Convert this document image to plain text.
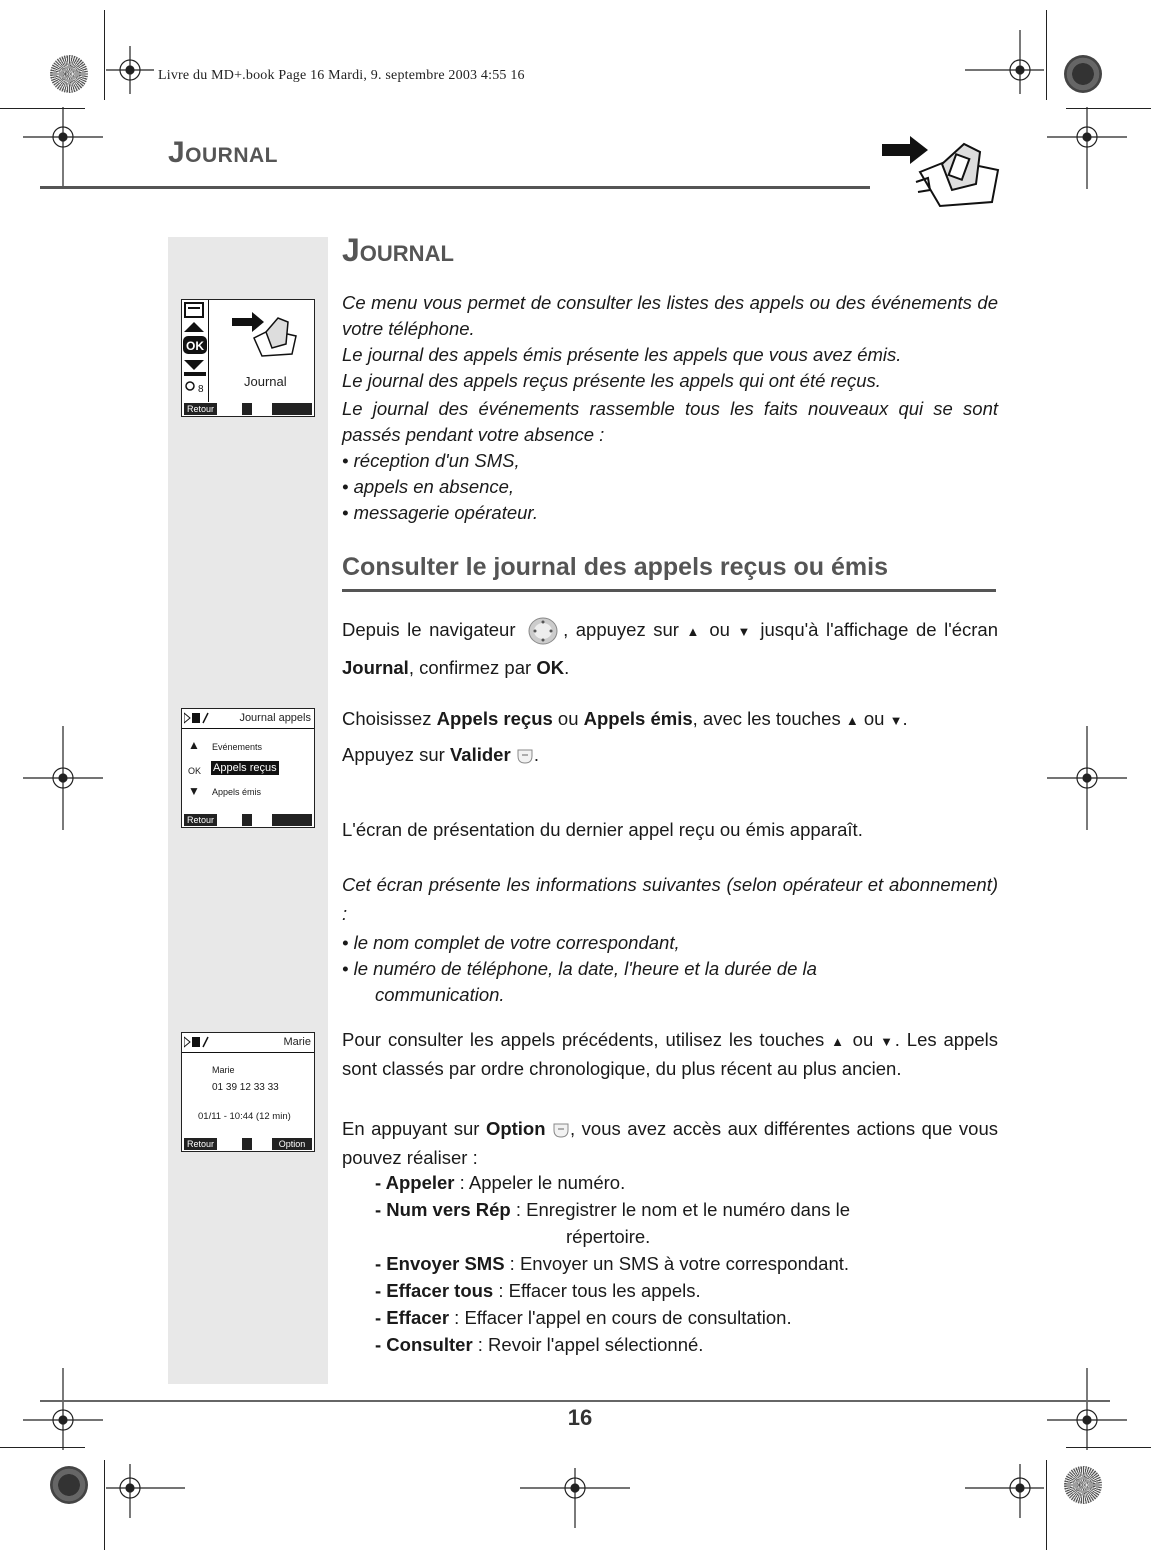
Livre du MD+.book Page 16 Mardi, 9. septembre 2003 4:55 16
Journal
OK
8
Journal
Retour
Journal appels
▲ Evénements
OK Appels reçus
▼ Appels émis
Retour
Marie
Marie
01 39 12 33 33
01/11 - 10:44 (12 min)
Retour	Option
Journal
Ce menu vous permet de consulter les listes des appels ou des événements de votre téléphone.
Le journal des appels émis présente les appels que vous avez émis.
Le journal des appels reçus présente les appels qui ont été reçus.
Le journal des événements rassemble tous les faits nouveaux qui se sont passés pendant votre absence :
• réception d'un SMS,
• appels en absence,
• messagerie opérateur.
Consulter le journal des appels reçus ou émis
Depuis le navigateur	, appuyez sur ▲ ou ▼ jusqu'à l'affichage de l'écran Journal, confirmez par OK.
Choisissez Appels reçus ou Appels émis, avec les touches ▲ ou ▼.
Appuyez sur Valider .
L'écran de présentation du dernier appel reçu ou émis apparaît.
Cet écran présente les informations suivantes (selon opérateur et abonnement) :
• le nom complet de votre correspondant,
• le numéro de téléphone, la date, l'heure et la durée de la
communication.
Pour consulter les appels précédents, utilisez les touches ▲ ou ▼. Les appels sont classés par ordre chronologique, du plus récent au plus ancien.
En appuyant sur Option , vous avez accès aux différentes actions que vous pouvez réaliser :
- Appeler : Appeler le numéro.
- Num vers Rép : Enregistrer le nom et le numéro dans le
répertoire.
- Envoyer SMS : Envoyer un SMS à votre correspondant.
- Effacer tous : Effacer tous les appels.
- Effacer : Effacer l'appel en cours de consultation.
- Consulter : Revoir l'appel sélectionné.
16
